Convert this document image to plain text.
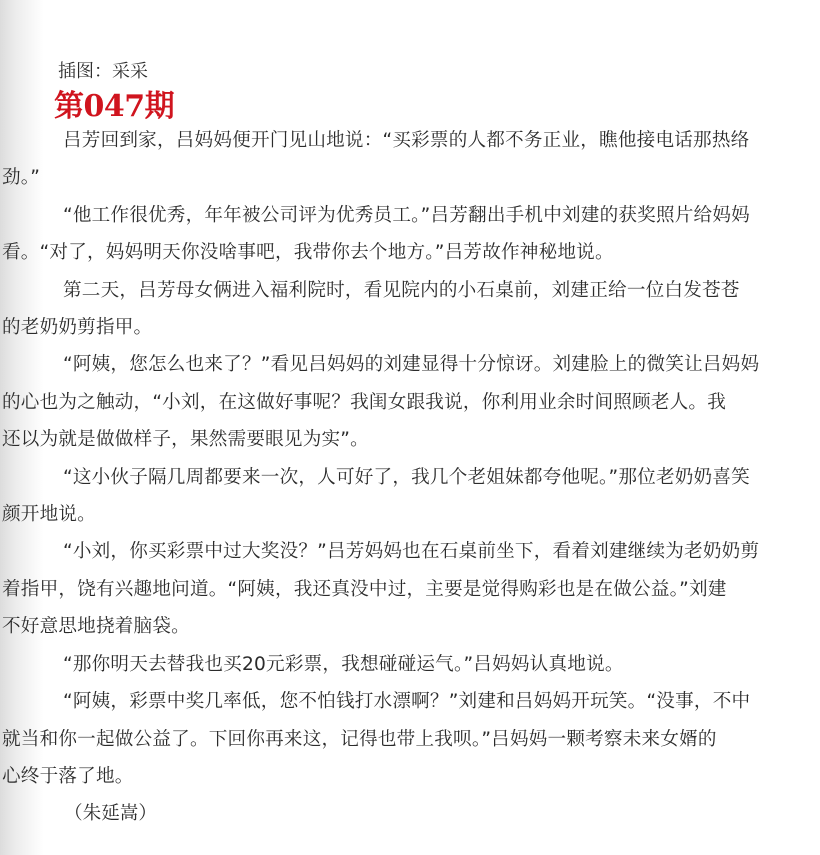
插图：采采
第047期
吕芳回到家，吕妈妈便开门见山地说：“买彩票的人都不务正业，瞧他接电话那热络
劲。”
“他工作很优秀，年年被公司评为优秀员工。”吕芳翻出手机中刘建的获奖照片给妈妈
看。“对了，妈妈明天你没啥事吧，我带你去个地方。”吕芳故作神秘地说。
第二天，吕芳母女俩进入福利院时，看见院内的小石桌前，刘建正给一位白发苍苍
的老奶奶剪指甲。
“阿姨，您怎么也来了？”看见吕妈妈的刘建显得十分惊讶。刘建脸上的微笑让吕妈妈
的心也为之触动，“小刘，在这做好事呢？我闺女跟我说，你利用业余时间照顾老人。我
还以为就是做做样子，果然需要眼见为实”。
“这小伙子隔几周都要来一次，人可好了，我几个老姐妹都夸他呢。”那位老奶奶喜笑
颜开地说。
“小刘，你买彩票中过大奖没？”吕芳妈妈也在石桌前坐下，看着刘建继续为老奶奶剪
着指甲，饶有兴趣地问道。“阿姨，我还真没中过，主要是觉得购彩也是在做公益。”刘建
不好意思地挠着脑袋。
“那你明天去替我也买20元彩票，我想碰碰运气。”吕妈妈认真地说。
“阿姨，彩票中奖几率低，您不怕钱打水漂啊？”刘建和吕妈妈开玩笑。“没事，不中
就当和你一起做公益了。下回你再来这，记得也带上我呗。”吕妈妈一颗考察未来女婿的
心终于落了地。
（朱延嵩）
